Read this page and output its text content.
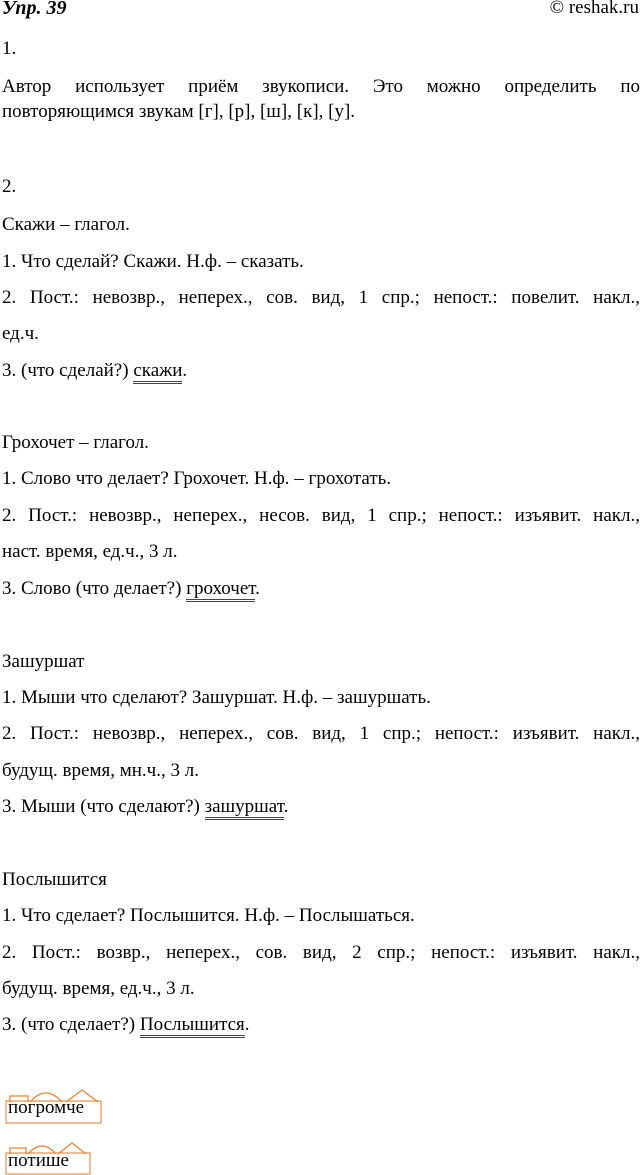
Упр. 39	© reshak.ru
1.
Автор использует приём звукописи. Это можно определить по
повторяющимся звукам [г], [р], [ш], [к], [у].
2.
Скажи – глагол.
1. Что сделай? Скажи. Н.ф. – сказать.
2. Пост.: невозвр., неперех., сов. вид, 1 спр.; непост.: повелит. накл.,
ед.ч.
3. (что сделай?) скажи.
Грохочет – глагол.
1. Слово что делает? Грохочет. Н.ф. – грохотать.
2. Пост.: невозвр., неперех., несов. вид, 1 спр.; непост.: изъявит. накл.,
наст. время, ед.ч., 3 л.
3. Слово (что делает?) грохочет.
Зашуршат
1. Мыши что сделают? Зашуршат. Н.ф. – зашуршать.
2. Пост.: невозвр., неперех., сов. вид, 1 спр.; непост.: изъявит. накл.,
будущ. время, мн.ч., 3 л.
3. Мыши (что сделают?) зашуршат.
Послышится
1. Что сделает? Послышится. Н.ф. – Послышаться.
2. Пост.: возвр., неперех., сов. вид, 2 спр.; непост.: изъявит. накл.,
будущ. время, ед.ч., 3 л.
3. (что сделает?) Послышится.
погромче
потише
